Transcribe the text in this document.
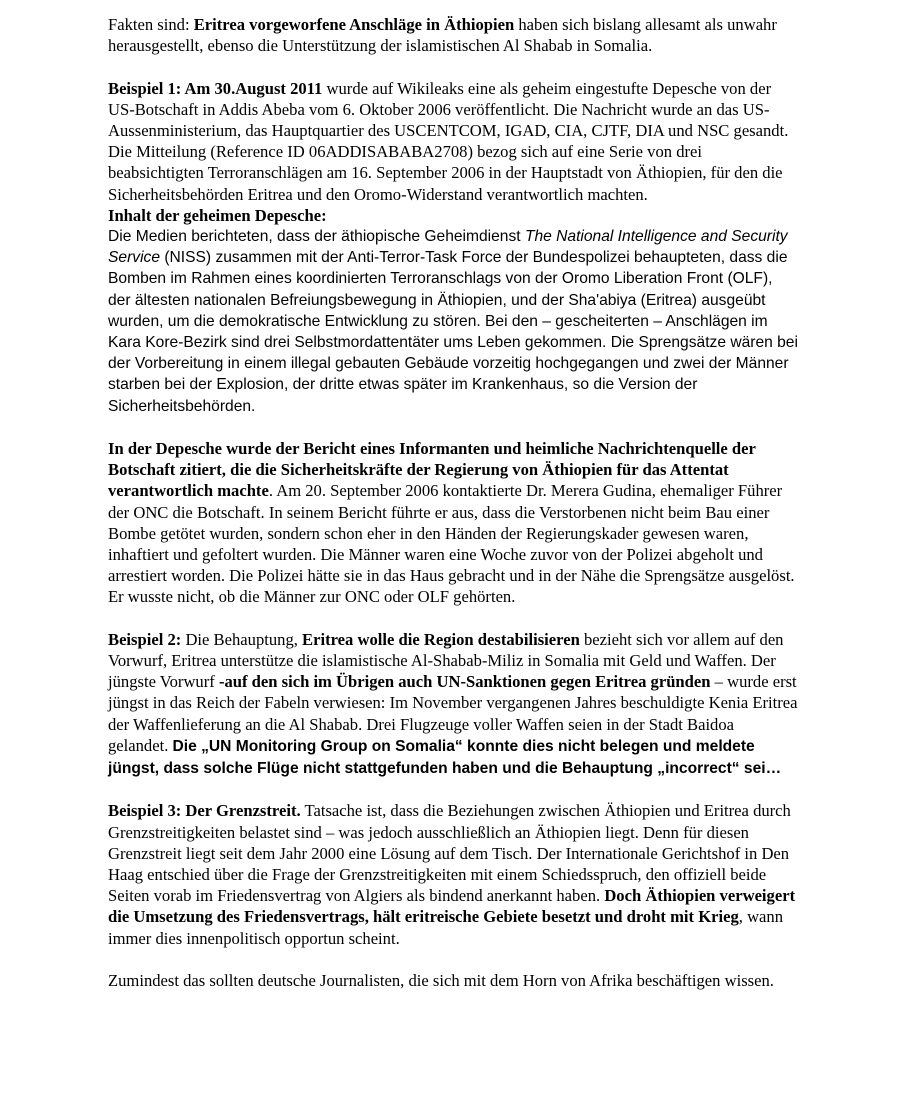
Fakten sind: Eritrea vorgeworfene Anschläge in Äthiopien haben sich bislang allesamt als unwahr herausgestellt, ebenso die Unterstützung der islamistischen Al Shabab in Somalia.

Beispiel 1: Am 30.August 2011 wurde auf Wikileaks eine als geheim eingestufte Depesche von der US-Botschaft in Addis Abeba vom 6. Oktober 2006 veröffentlicht. Die Nachricht wurde an das US-Aussenministerium, das Hauptquartier des USCENTCOM, IGAD, CIA, CJTF, DIA und NSC gesandt.

Die Mitteilung (Reference ID 06ADDISABABA2708) bezog sich auf eine Serie von drei beabsichtigten Terroranschlägen am 16. September 2006 in der Hauptstadt von Äthiopien, für den die Sicherheitsbehörden Eritrea und den Oromo-Widerstand verantwortlich machten.

Inhalt der geheimen Depesche:

Die Medien berichteten, dass der äthiopische Geheimdienst The National Intelligence and Security Service (NISS) zusammen mit der Anti-Terror-Task Force der Bundespolizei behaupteten, dass die Bomben im Rahmen eines koordinierten Terroranschlags von der Oromo Liberation Front (OLF), der ältesten nationalen Befreiungsbewegung in Äthiopien, und der Sha'abiya (Eritrea) ausgeübt wurden, um die demokratische Entwicklung zu stören. Bei den – gescheiterten – Anschlägen im Kara Kore-Bezirk sind drei Selbstmordattentäter ums Leben gekommen. Die Sprengsätze wären bei der Vorbereitung in einem illegal gebauten Gebäude vorzeitig hochgegangen und zwei der Männer starben bei der Explosion, der dritte etwas später im Krankenhaus, so die Version der Sicherheitsbehörden.

In der Depesche wurde der Bericht eines Informanten und heimliche Nachrichtenquelle der Botschaft zitiert, die die Sicherheitskräfte der Regierung von Äthiopien für das Attentat verantwortlich machte. Am 20. September 2006 kontaktierte Dr. Merera Gudina, ehemaliger Führer der ONC die Botschaft. In seinem Bericht führte er aus, dass die Verstorbenen nicht beim Bau einer Bombe getötet wurden, sondern schon eher in den Händen der Regierungskader gewesen waren, inhaftiert und gefoltert wurden. Die Männer waren eine Woche zuvor von der Polizei abgeholt und arrestiert worden. Die Polizei hätte sie in das Haus gebracht und in der Nähe die Sprengsätze ausgelöst. Er wusste nicht, ob die Männer zur ONC oder OLF gehörten.

Beispiel 2: Die Behauptung, Eritrea wolle die Region destabilisieren bezieht sich vor allem auf den Vorwurf, Eritrea unterstütze die islamistische Al-Shabab-Miliz in Somalia mit Geld und Waffen. Der jüngste Vorwurf -auf den sich im Übrigen auch UN-Sanktionen gegen Eritrea gründen – wurde erst jüngst in das Reich der Fabeln verwiesen: Im November vergangenen Jahres beschuldigte Kenia Eritrea der Waffenlieferung an die Al Shabab. Drei Flugzeuge voller Waffen seien in der Stadt Baidoa gelandet. Die „UN Monitoring Group on Somalia“ konnte dies nicht belegen und meldete jüngst, dass solche Flüge nicht stattgefunden haben und die Behauptung „incorrect“ sei…

Beispiel 3: Der Grenzstreit. Tatsache ist, dass die Beziehungen zwischen Äthiopien und Eritrea durch Grenzstreitigkeiten belastet sind – was jedoch ausschließlich an Äthiopien liegt. Denn für diesen Grenzstreit liegt seit dem Jahr 2000 eine Lösung auf dem Tisch. Der Internationale Gerichtshof in Den Haag entschied über die Frage der Grenzstreitigkeiten mit einem Schiedsspruch, den offiziell beide Seiten vorab im Friedensvertrag von Algiers als bindend anerkannt haben. Doch Äthiopien verweigert die Umsetzung des Friedensvertrags, hält eritreische Gebiete besetzt und droht mit Krieg, wann immer dies innenpolitisch opportun scheint.

Zumindest das sollten deutsche Journalisten, die sich mit dem Horn von Afrika beschäftigen wissen.
